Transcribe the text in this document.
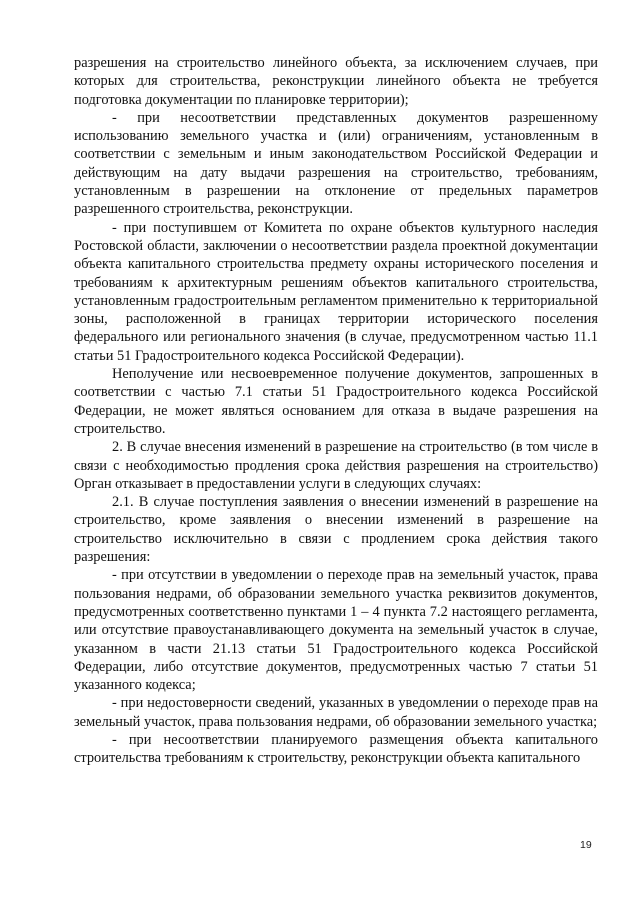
разрешения на строительство линейного объекта, за исключением случаев, при которых для строительства, реконструкции линейного объекта не требуется подготовка документации по планировке территории);

- при несоответствии представленных документов разрешенному использованию земельного участка и (или) ограничениям, установленным в соответствии с земельным и иным законодательством Российской Федерации и действующим на дату выдачи разрешения на строительство, требованиям, установленным в разрешении на отклонение от предельных параметров разрешенного строительства, реконструкции.

- при поступившем от Комитета по охране объектов культурного наследия Ростовской области, заключении о несоответствии раздела проектной документации объекта капитального строительства предмету охраны исторического поселения и требованиям к архитектурным решениям объектов капитального строительства, установленным градостроительным регламентом применительно к территориальной зоны, расположенной в границах территории исторического поселения федерального или регионального значения (в случае, предусмотренном частью 11.1 статьи 51 Градостроительного кодекса Российской Федерации).

Неполучение или несвоевременное получение документов, запрошенных в соответствии с частью 7.1 статьи 51 Градостроительного кодекса Российской Федерации, не может являться основанием для отказа в выдаче разрешения на строительство.

2. В случае внесения изменений в разрешение на строительство (в том числе в связи с необходимостью продления срока действия разрешения на строительство) Орган отказывает в предоставлении услуги в следующих случаях:

2.1. В случае поступления заявления о внесении изменений в разрешение на строительство, кроме заявления о внесении изменений в разрешение на строительство исключительно в связи с продлением срока действия такого разрешения:

- при отсутствии в уведомлении о переходе прав на земельный участок, права пользования недрами, об образовании земельного участка реквизитов документов, предусмотренных соответственно пунктами 1 – 4 пункта 7.2 настоящего регламента, или отсутствие правоустанавливающего документа на земельный участок в случае, указанном в части 21.13 статьи 51 Градостроительного кодекса Российской Федерации, либо отсутствие документов, предусмотренных частью 7 статьи 51 указанного кодекса;

- при недостоверности сведений, указанных в уведомлении о переходе прав на земельный участок, права пользования недрами, об образовании земельного участка;

- при несоответствии планируемого размещения объекта капитального строительства требованиям к строительству, реконструкции объекта капитального

19
